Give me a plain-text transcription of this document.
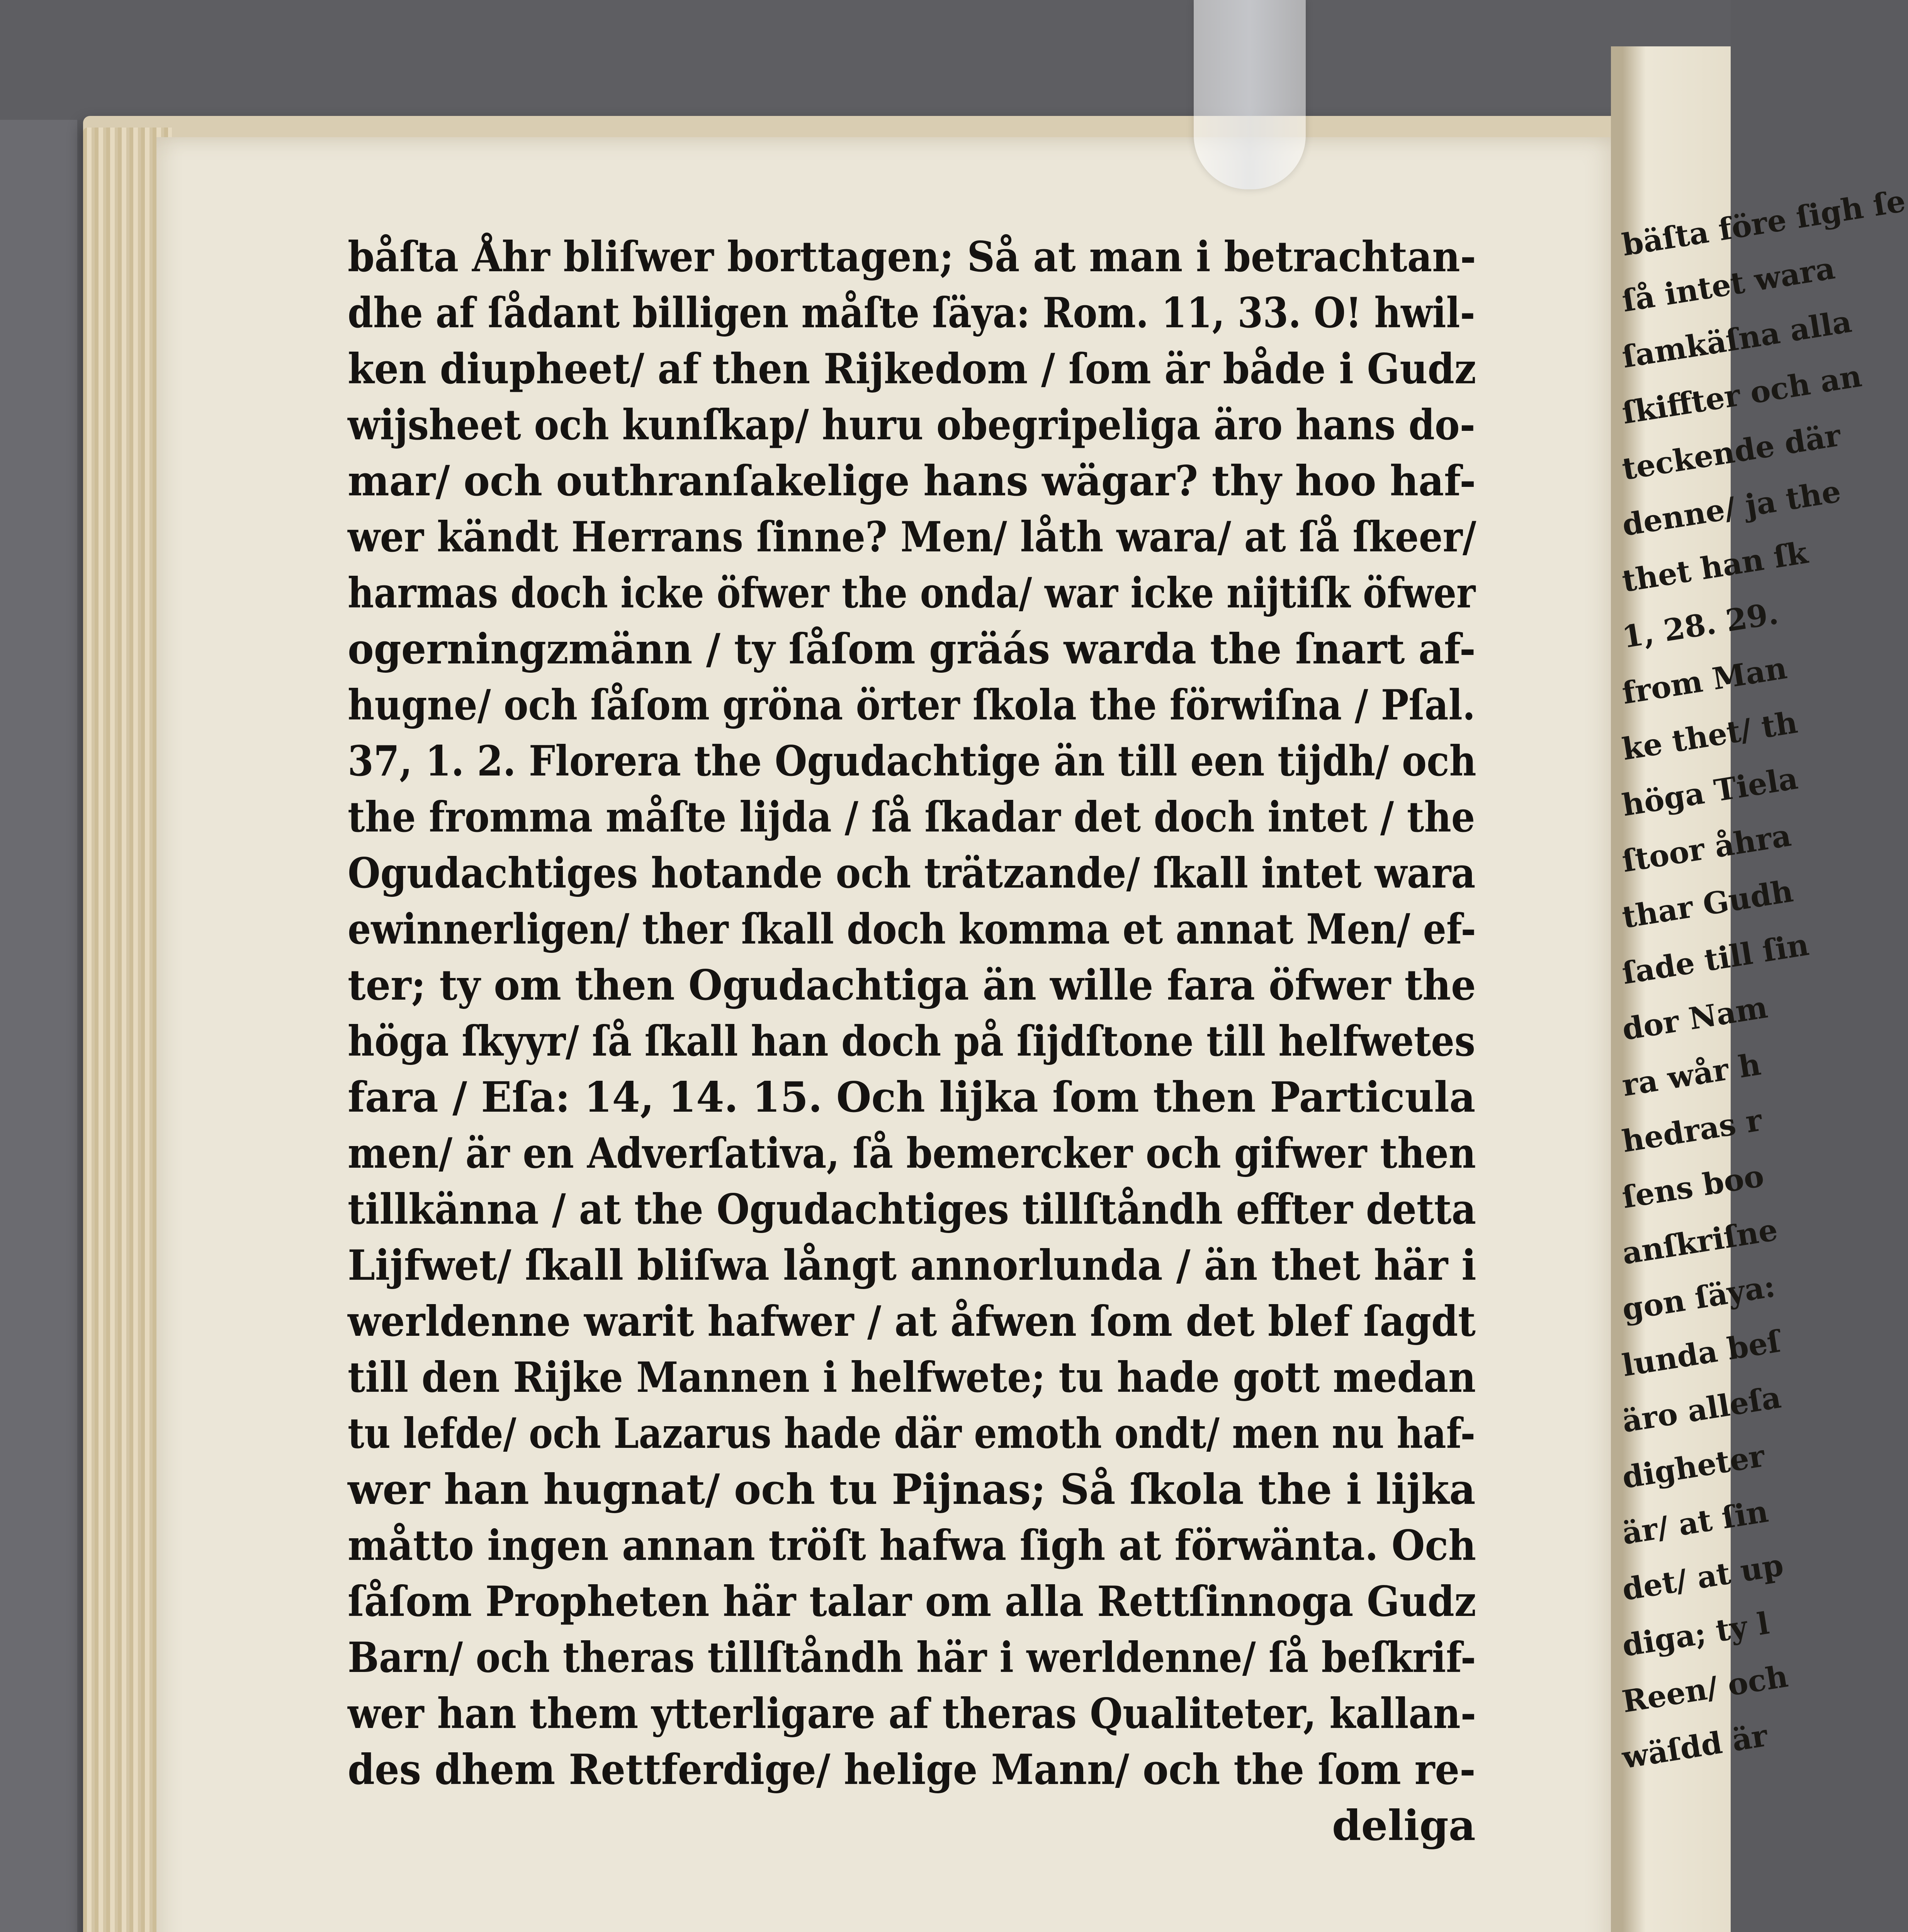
bäſta före ſigh ſe
ſå intet wara
ſamkäſna alla
ſkiffter och an
teckende där
denne/ ja the
thet han ſk
1, 28. 29.
from Man
ke thet/ th
höga Tiela
ſtoor åhra
thar Gudh
ſade till ſin
dor Nam
ra wår h
hedras r
ſens boo
anſkriſne
gon ſäya:
lunda beſ
äro alleſa
digheter
är/ at ſin
det/ at up
diga; ty l
Reen/ och
wäſdd är

båſta Åhr bliſwer borttagen; Så at man i betrachtan-
dhe af ſådant billigen måſte ſäya: Rom. 11, 33. O! hwil-
ken diupheet/ af then Rijkedom / ſom är både i Gudz
wijsheet och kunſkap/ huru obegripeliga äro hans do-
mar/ och outhranſakelige hans wägar? thy hoo haf-
wer kändt Herrans ſinne? Men/ låth wara/ at ſå ſkeer/
harmas doch icke öfwer the onda/ war icke nijtiſk öfwer
ogerningzmänn / ty ſåſom gräás warda the ſnart af-
hugne/ och ſåſom gröna örter ſkola the förwiſna / Pſal.
37, 1. 2. Florera the Ogudachtige än till een tijdh/ och
the fromma måſte lijda / ſå ſkadar det doch intet / the
Ogudachtiges hotande och trätzande/ ſkall intet wara
ewinnerligen/ ther ſkall doch komma et annat Men/ ef-
ter; ty om then Ogudachtiga än wille fara öfwer the
höga ſkyyr/ ſå ſkall han doch på ſijdſtone till helfwetes
fara / Eſa: 14, 14. 15. Och lijka ſom then Particula
men/ är en Adverſativa, ſå bemercker och gifwer then
tillkänna / at the Ogudachtiges tillſtåndh effter detta
Lijfwet/ ſkall bliſwa långt annorlunda / än thet här i
werldenne warit hafwer / at åfwen ſom det blef ſagdt
till den Rijke Mannen i helfwete; tu hade gott medan
tu lefde/ och Lazarus hade där emoth ondt/ men nu haf-
wer han hugnat/ och tu Pijnas; Så ſkola the i lijka
måtto ingen annan tröſt hafwa ſigh at förwänta. Och
ſåſom Propheten här talar om alla Rettſinnoga Gudz
Barn/ och theras tillſtåndh här i werldenne/ ſå beſkrif-
wer han them ytterligare af theras Qualiteter, kallan-
des dhem Rettferdige/ helige Mann/ och the ſom re-
deliga
